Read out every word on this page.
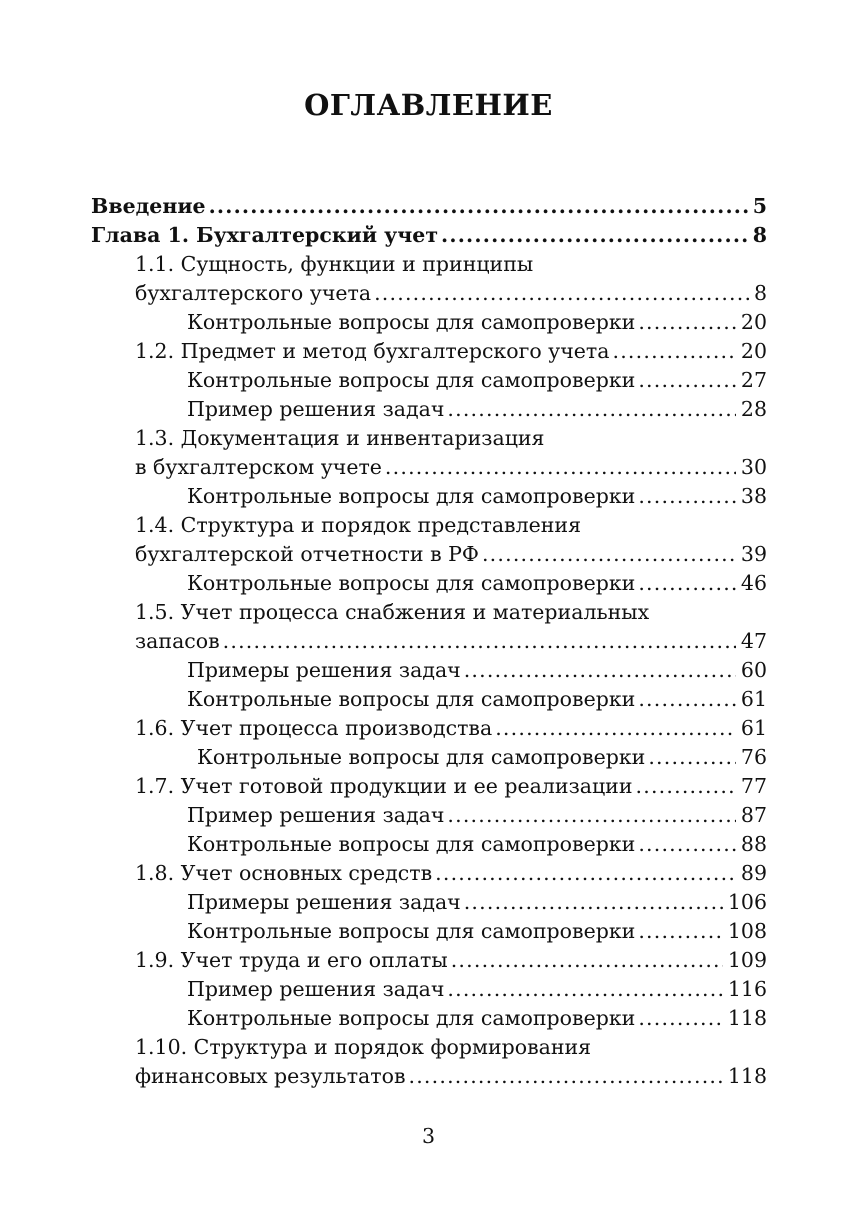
ОГЛАВЛЕНИЕ
Введение .....	5
Глава 1. Бухгалтерский учет .....	8
1.1. Сущность, функции и принципы
бухгалтерского учета .....	8
Контрольные вопросы для самопроверки .....	20
1.2. Предмет и метод бухгалтерского учета .....	20
Контрольные вопросы для самопроверки .....	27
Пример решения задач .....	28
1.3. Документация и инвентаризация
в бухгалтерском учете .....	30
Контрольные вопросы для самопроверки .....	38
1.4. Структура и порядок представления
бухгалтерской отчетности в РФ .....	39
Контрольные вопросы для самопроверки .....	46
1.5. Учет процесса снабжения и материальных
запасов .....	47
Примеры решения задач .....	60
Контрольные вопросы для самопроверки .....	61
1.6. Учет процесса производства .....	61
Контрольные вопросы для самопроверки .....	76
1.7. Учет готовой продукции и ее реализации .....	77
Пример решения задач .....	87
Контрольные вопросы для самопроверки .....	88
1.8. Учет основных средств .....	89
Примеры решения задач .....	106
Контрольные вопросы для самопроверки .....	108
1.9. Учет труда и его оплаты .....	109
Пример решения задач .....	116
Контрольные вопросы для самопроверки .....	118
1.10. Структура и порядок формирования
финансовых результатов .....	118
3
